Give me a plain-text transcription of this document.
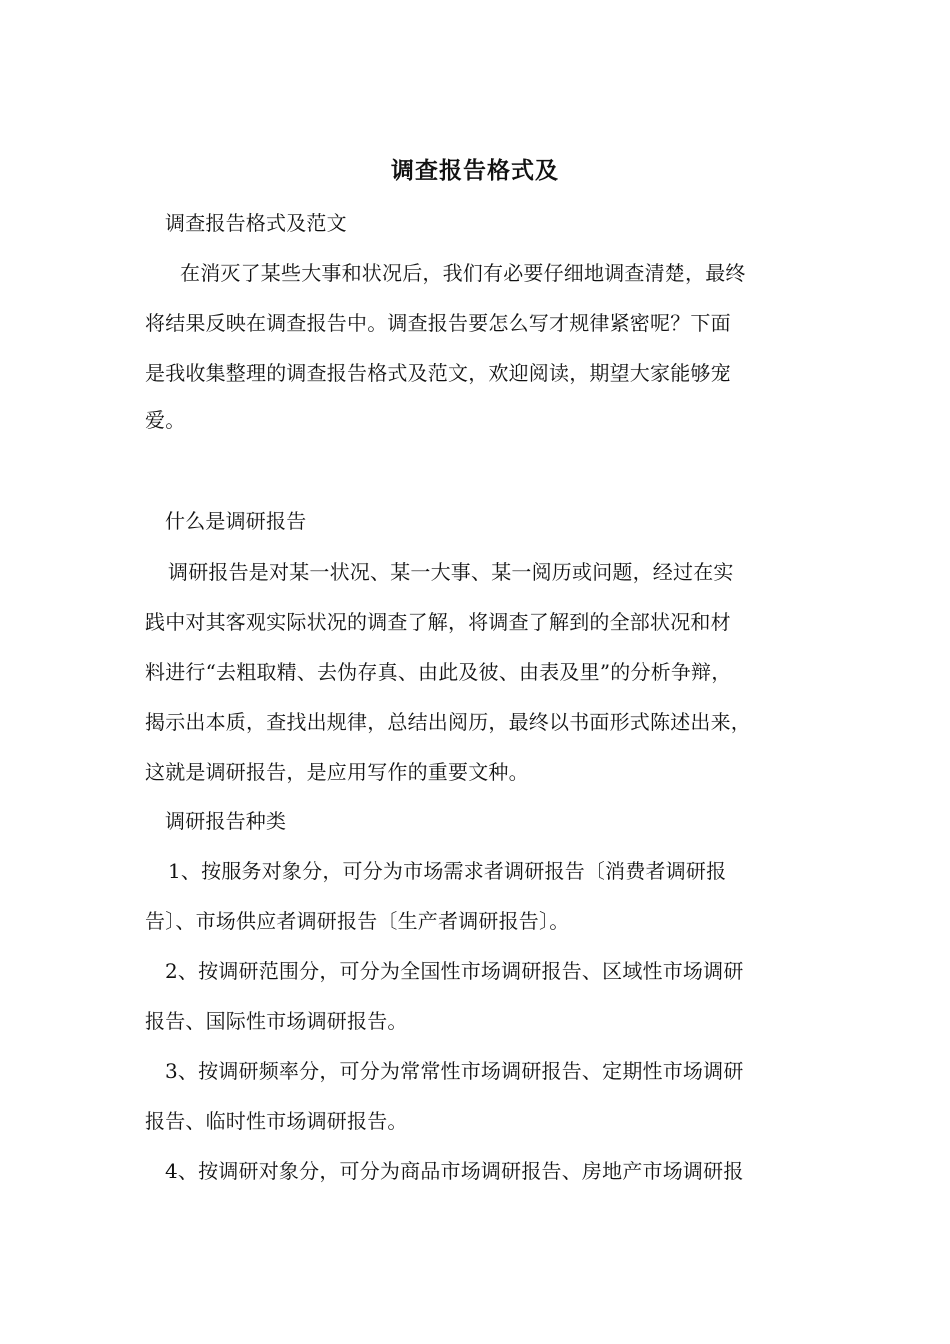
调查报告格式及
调查报告格式及范文
在消灭了某些大事和状况后，我们有必要仔细地调查清楚，最终
将结果反映在调查报告中。调查报告要怎么写才规律紧密呢？下面
是我收集整理的调查报告格式及范文，欢迎阅读，期望大家能够宠
爱。
什么是调研报告
调研报告是对某一状况、某一大事、某一阅历或问题，经过在实
践中对其客观实际状况的调查了解，将调查了解到的全部状况和材
料进行“去粗取精、去伪存真、由此及彼、由表及里”的分析争辩，
揭示出本质，查找出规律，总结出阅历，最终以书面形式陈述出来，
这就是调研报告，是应用写作的重要文种。
调研报告种类
1、按服务对象分，可分为市场需求者调研报告〔消费者调研报
告〕、市场供应者调研报告〔生产者调研报告〕。
2、按调研范围分，可分为全国性市场调研报告、区域性市场调研
报告、国际性市场调研报告。
3、按调研频率分，可分为常常性市场调研报告、定期性市场调研
报告、临时性市场调研报告。
4、按调研对象分，可分为商品市场调研报告、房地产市场调研报
